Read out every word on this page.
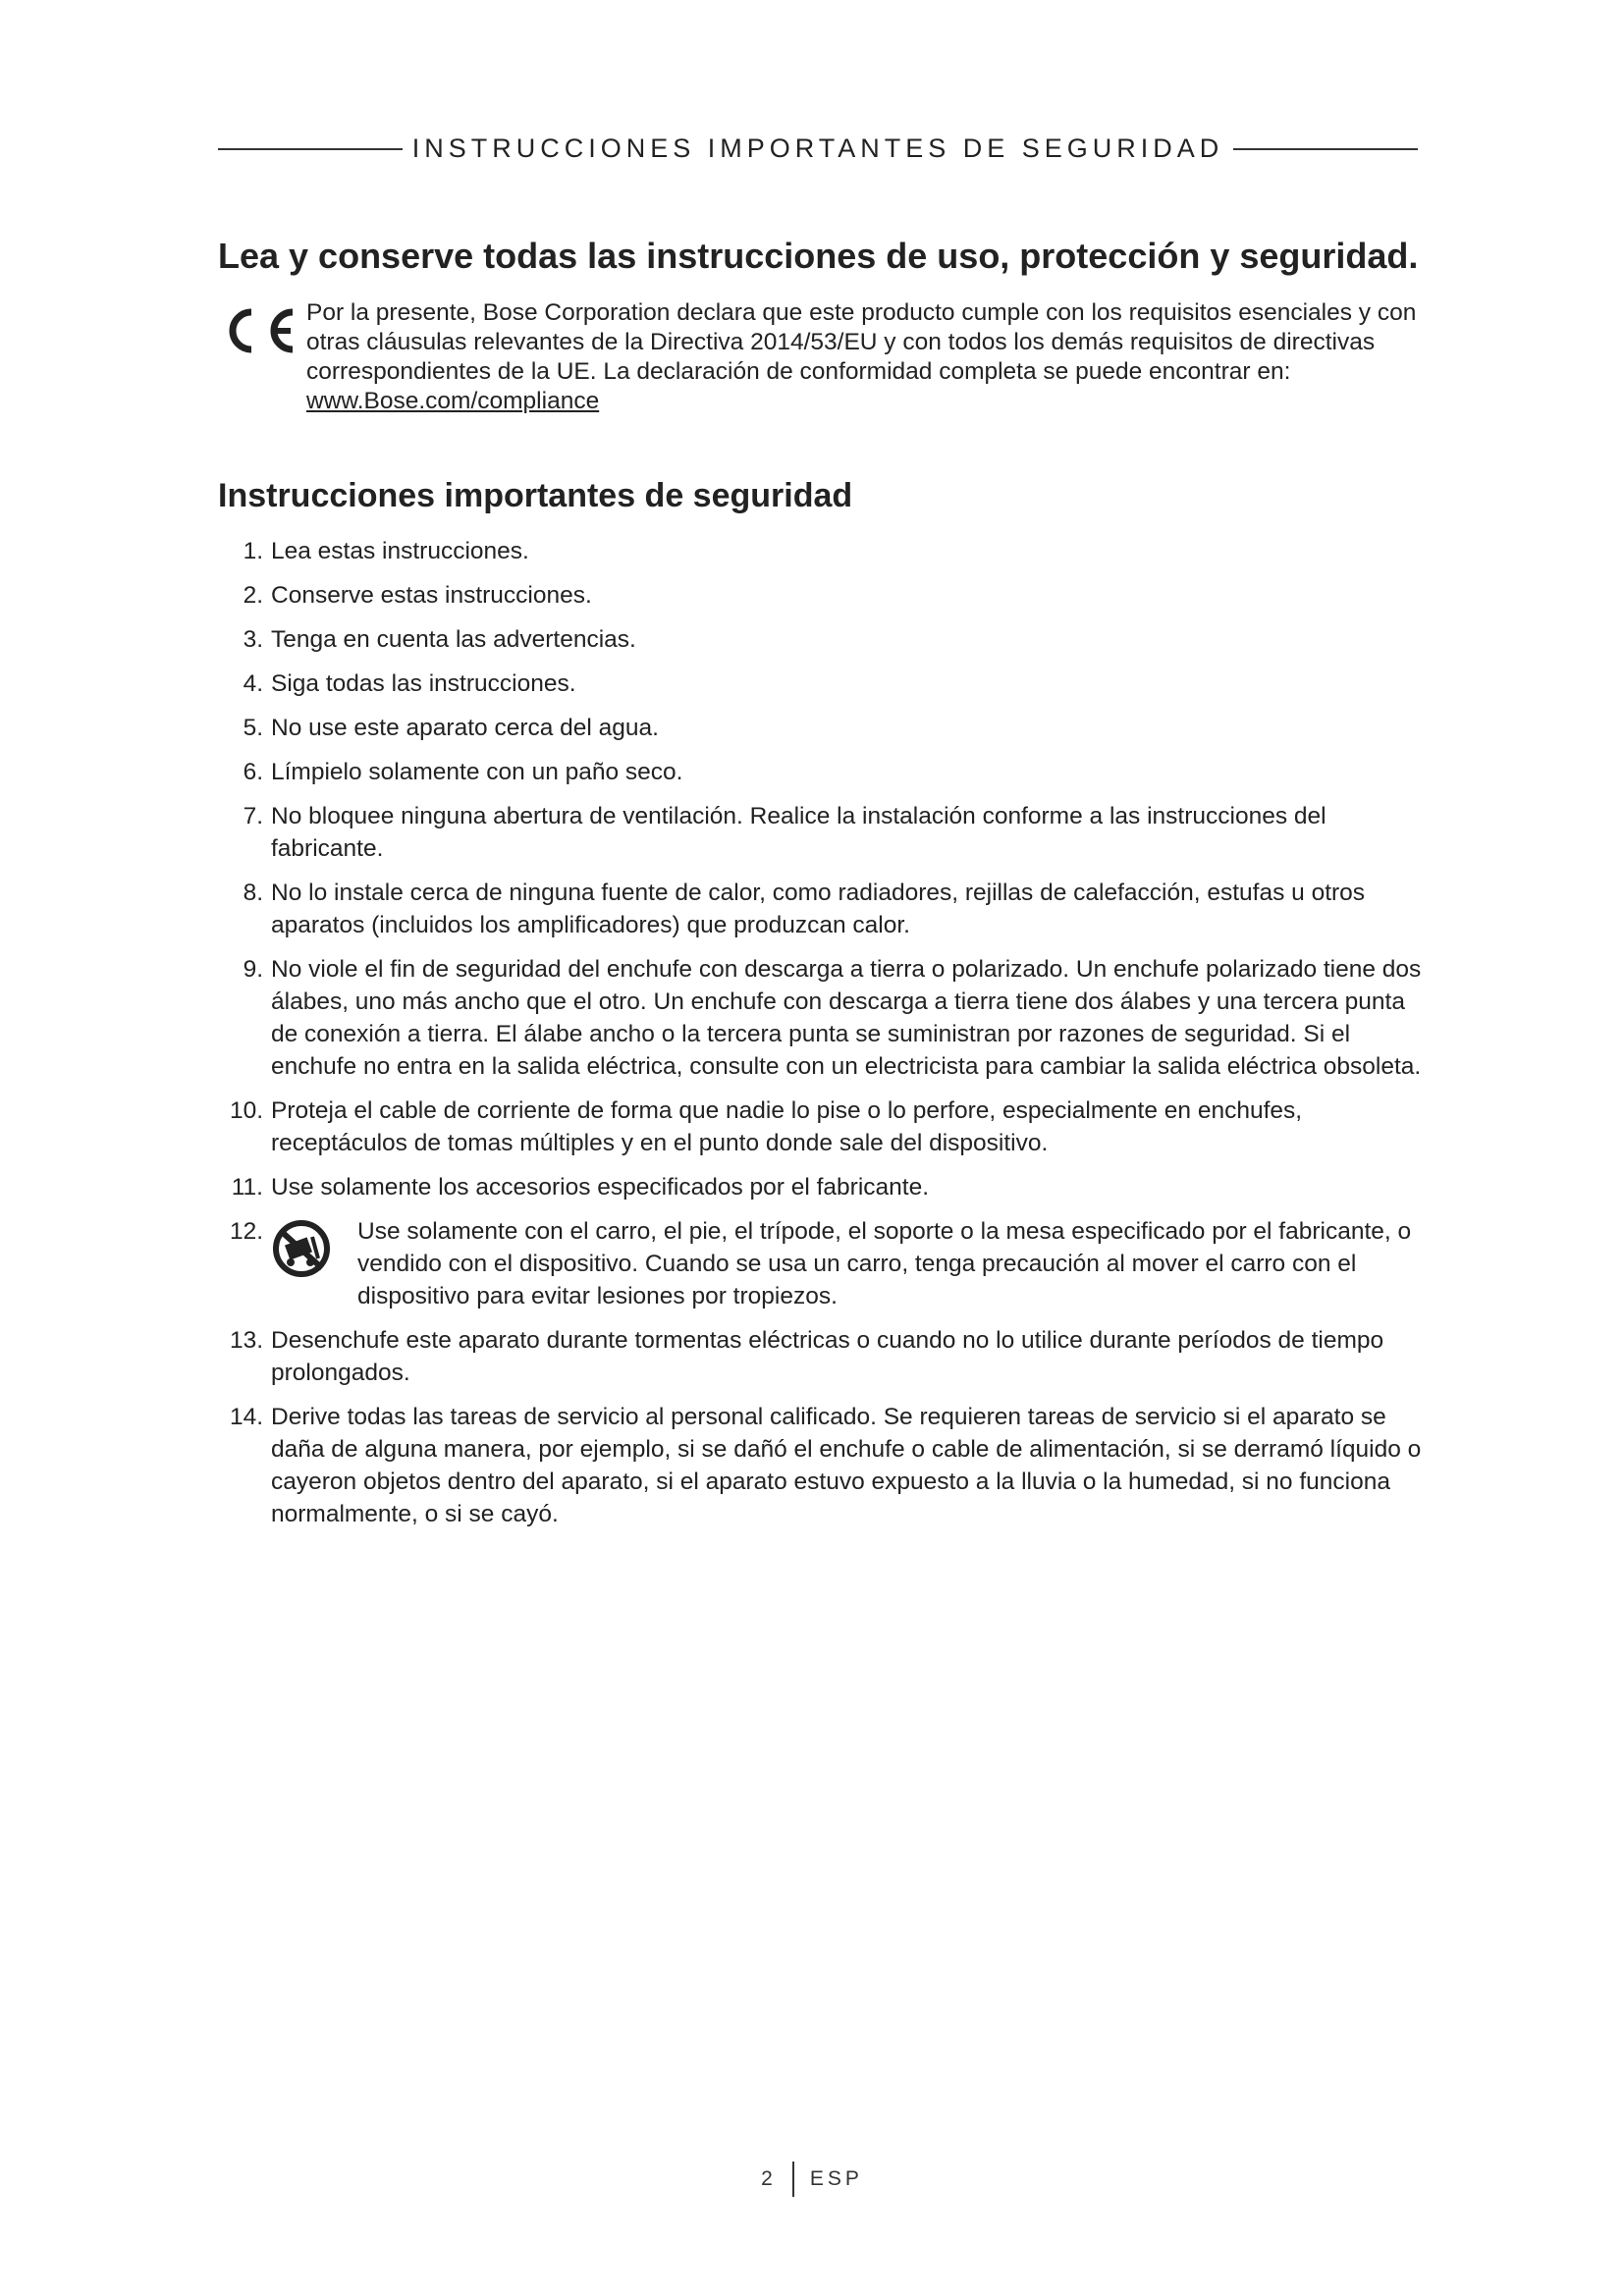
INSTRUCCIONES IMPORTANTES DE SEGURIDAD
Lea y conserve todas las instrucciones de uso, protección y seguridad.
Por la presente, Bose Corporation declara que este producto cumple con los requisitos esenciales y con otras cláusulas relevantes de la Directiva 2014/53/EU y con todos los demás requisitos de directivas correspondientes de la UE. La declaración de conformidad completa se puede encontrar en:
www.Bose.com/compliance
Instrucciones importantes de seguridad
1. Lea estas instrucciones.
2. Conserve estas instrucciones.
3. Tenga en cuenta las advertencias.
4. Siga todas las instrucciones.
5. No use este aparato cerca del agua.
6. Límpielo solamente con un paño seco.
7. No bloquee ninguna abertura de ventilación. Realice la instalación conforme a las instrucciones del fabricante.
8. No lo instale cerca de ninguna fuente de calor, como radiadores, rejillas de calefacción, estufas u otros aparatos (incluidos los amplificadores) que produzcan calor.
9. No viole el fin de seguridad del enchufe con descarga a tierra o polarizado. Un enchufe polarizado tiene dos álabes, uno más ancho que el otro. Un enchufe con descarga a tierra tiene dos álabes y una tercera punta de conexión a tierra. El álabe ancho o la tercera punta se suministran por razones de seguridad. Si el enchufe no entra en la salida eléctrica, consulte con un electricista para cambiar la salida eléctrica obsoleta.
10. Proteja el cable de corriente de forma que nadie lo pise o lo perfore, especialmente en enchufes, receptáculos de tomas múltiples y en el punto donde sale del dispositivo.
11. Use solamente los accesorios especificados por el fabricante.
12.	Use solamente con el carro, el pie, el trípode, el soporte o la mesa especificado por el fabricante, o vendido con el dispositivo. Cuando se usa un carro, tenga precaución al mover el carro con el dispositivo para evitar lesiones por tropiezos.
13. Desenchufe este aparato durante tormentas eléctricas o cuando no lo utilice durante períodos de tiempo prolongados.
14. Derive todas las tareas de servicio al personal calificado. Se requieren tareas de servicio si el aparato se daña de alguna manera, por ejemplo, si se dañó el enchufe o cable de alimentación, si se derramó líquido o cayeron objetos dentro del aparato, si el aparato estuvo expuesto a la lluvia o la humedad, si no funciona normalmente, o si se cayó.
2 ESP
